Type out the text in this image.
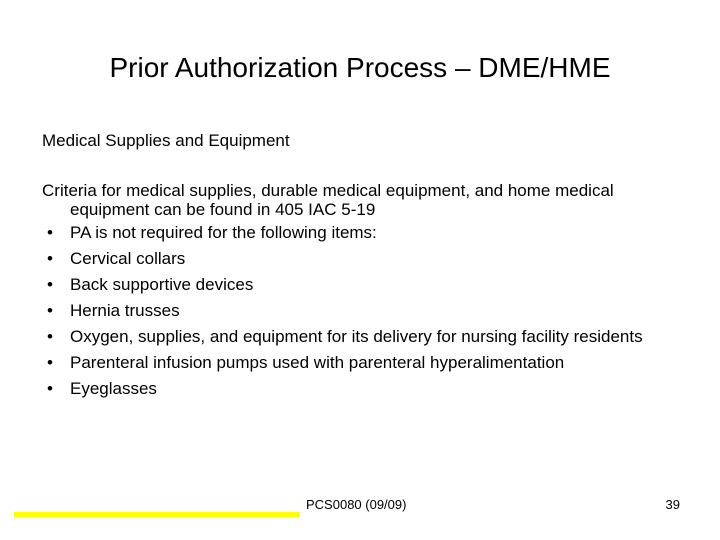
Prior Authorization Process – DME/HME
Medical Supplies and Equipment

Criteria for medical supplies, durable medical equipment, and home medical equipment can be found in 405 IAC 5-19

• PA is not required for the following items:
• Cervical collars
• Back supportive devices
• Hernia trusses
• Oxygen, supplies, and equipment for its delivery for nursing facility residents
• Parenteral infusion pumps used with parenteral hyperalimentation
• Eyeglasses
PCS0080 (09/09)	39
